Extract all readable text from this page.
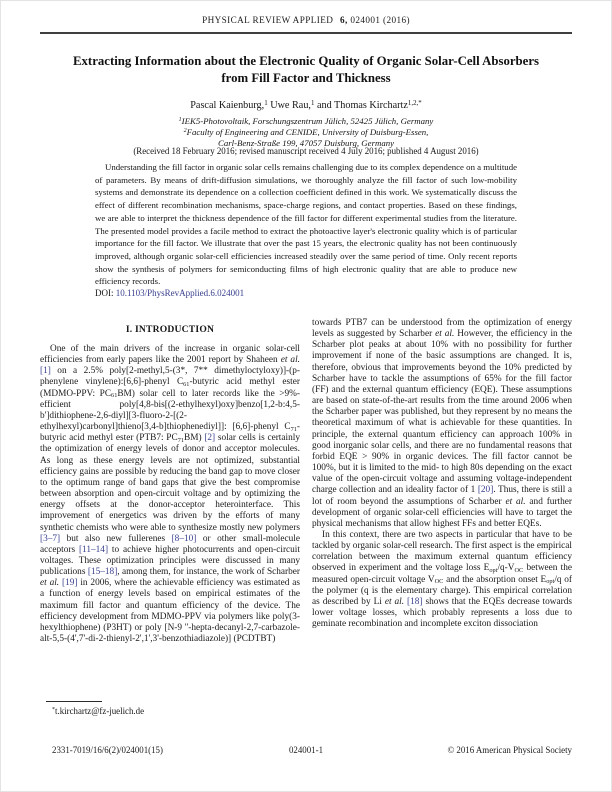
PHYSICAL REVIEW APPLIED 6, 024001 (2016)
Extracting Information about the Electronic Quality of Organic Solar-Cell Absorbers from Fill Factor and Thickness
Pascal Kaienburg,$^1$ Uwe Rau,$^1$ and Thomas Kirchartz$^{1,2,*}$
$^1$IEK5-Photovoltaik, Forschungszentrum Jülich, 52425 Jülich, Germany
$^2$Faculty of Engineering and CENIDE, University of Duisburg-Essen,
Carl-Benz-Straße 199, 47057 Duisburg, Germany
(Received 18 February 2016; revised manuscript received 4 July 2016; published 4 August 2016)
Understanding the fill factor in organic solar cells remains challenging due to its complex dependence on a multitude of parameters. By means of drift-diffusion simulations, we thoroughly analyze the fill factor of such low-mobility systems and demonstrate its dependence on a collection coefficient defined in this work. We systematically discuss the effect of different recombination mechanisms, space-charge regions, and contact properties. Based on these findings, we are able to interpret the thickness dependence of the fill factor for different experimental studies from the literature. The presented model provides a facile method to extract the photoactive layer's electronic quality which is of particular importance for the fill factor. We illustrate that over the past 15 years, the electronic quality has not been continuously improved, although organic solar-cell efficiencies increased steadily over the same period of time. Only recent reports show the synthesis of polymers for semiconducting films of high electronic quality that are able to produce new efficiency records.
DOI: 10.1103/PhysRevApplied.6.024001
I. INTRODUCTION

One of the main drivers of the increase in organic solar-cell efficiencies from early papers like the 2001 report by Shaheen et al. [1] on a 2.5% poly[2-methyl,5-(3*, 7** dimethyloctyloxy)]-(p-phenylene vinylene):[6,6]-phenyl $C_{61}$-butyric acid methyl ester (MDMO-PPV: $PC_{61}BM$) solar cell to later records like the >9%-efficient poly[4,8-bis[(2-ethylhexyl)oxy]benzo[1,2-b:4,5-b']dithiophene-2,6-diyl][3-fluoro-2-[(2-ethylhexyl)carbonyl]thieno[3,4-b]thiophenediyl]]: [6,6]-phenyl $C_{71}$-butyric acid methyl ester (PTB7: $PC_{71}BM$) [2] solar cells is certainly the optimization of energy levels of donor and acceptor molecules. As long as these energy levels are not optimized, substantial efficiency gains are possible by reducing the band gap to move closer to the optimum range of band gaps that give the best compromise between absorption and open-circuit voltage and by optimizing the energy offsets at the donor-acceptor heterointerface. This improvement of energetics was driven by the efforts of many synthetic chemists who were able to synthesize mostly new polymers [3–7] but also new fullerenes [8–10] or other small-molecule acceptors [11–14] to achieve higher photocurrents and open-circuit voltages. These optimization principles were discussed in many publications [15–18], among them, for instance, the work of Scharber et al. [19] in 2006, where the achievable efficiency was estimated as a function of energy levels based on empirical estimates of the maximum fill factor and quantum efficiency of the device. The efficiency development from MDMO-PPV via polymers like poly(3-hexylthiophene) (P3HT) or poly [N-9 ''-hepta-decanyl-2,7-carbazole-alt-5,5-(4',7'-di-2-thienyl-2',1',3'-benzothiadiazole)] (PCDTBT)

*t.kirchartz@fz-juelich.de

towards PTB7 can be understood from the optimization of energy levels as suggested by Scharber et al. However, the efficiency in the Scharber plot peaks at about 10% with no possibility for further improvement if none of the basic assumptions are changed. It is, therefore, obvious that improvements beyond the 10% predicted by Scharber have to tackle the assumptions of 65% for the fill factor (FF) and the external quantum efficiency (EQE). These assumptions are based on state-of-the-art results from the time around 2006 when the Scharber paper was published, but they represent by no means the theoretical maximum of what is achievable for these quantities. In principle, the external quantum efficiency can approach 100% in good inorganic solar cells, and there are no fundamental reasons that forbid EQE > 90% in organic devices. The fill factor cannot be 100%, but it is limited to the mid- to high 80s depending on the exact value of the open-circuit voltage and assuming voltage-independent charge collection and an ideality factor of 1 [20]. Thus, there is still a lot of room beyond the assumptions of Scharber et al. and further development of organic solar-cell efficiencies will have to target the physical mechanisms that allow highest FFs and better EQEs.

In this context, there are two aspects in particular that have to be tackled by organic solar-cell research. The first aspect is the empirical correlation between the maximum external quantum efficiency observed in experiment and the voltage loss $E_{opt}/q-V_{OC}$ between the measured open-circuit voltage $V_{OC}$ and the absorption onset $E_{opt}/q$ of the polymer (q is the elementary charge). This empirical correlation as described by Li et al. [18] shows that the EQEs decrease towards lower voltage losses, which probably represents a loss due to geminate recombination and incomplete exciton dissociation

2331-7019/16/6(2)/024001(15)	024001-1	© 2016 American Physical Society
